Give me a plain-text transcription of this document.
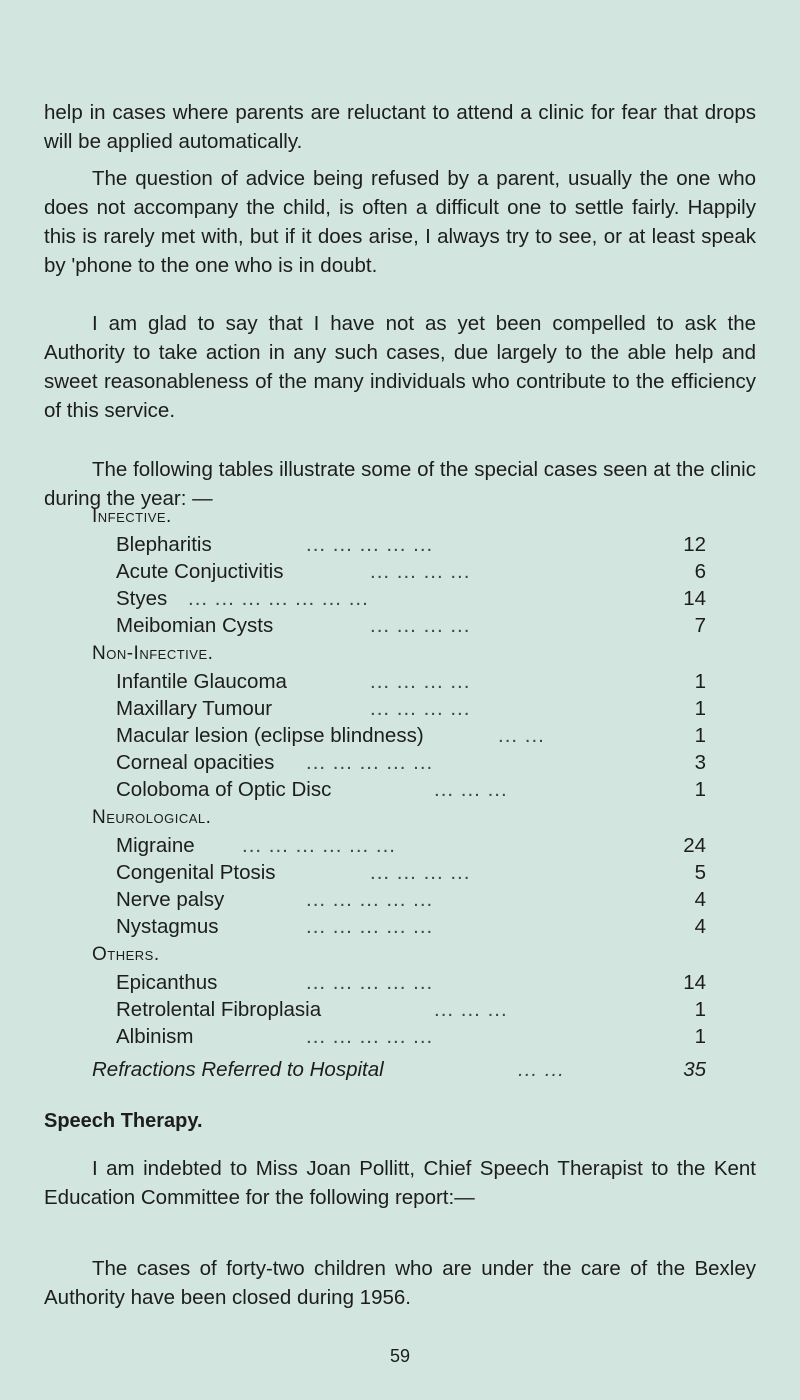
help in cases where parents are reluctant to attend a clinic for fear that drops will be applied automatically.

The question of advice being refused by a parent, usually the one who does not accompany the child, is often a difficult one to settle fairly. Happily this is rarely met with, but if it does arise, I always try to see, or at least speak by 'phone to the one who is in doubt.

I am glad to say that I have not as yet been compelled to ask the Authority to take action in any such cases, due largely to the able help and sweet reasonableness of the many individuals who contribute to the efficiency of this service.

The following tables illustrate some of the special cases seen at the clinic during the year: —

Infective.
Blepharitis	... ... ... ... ...	12
Acute Conjuctivitis	... ... ... ...	6
Styes ... ... ... ... ... ... ...	14
Meibomian Cysts	... ... ... ...	7
Non-Infective.
Infantile Glaucoma	... ... ... ...	1
Maxillary Tumour	... ... ... ...	1
Macular lesion (eclipse blindness)	... ...	1
Corneal opacities ... ... ... ... ...	3
Coloboma of Optic Disc	... ... ...	1
Neurological.
Migraine ... ... ... ... ... ...	24
Congenital Ptosis	... ... ... ...	5
Nerve palsy	... ... ... ... ...	4
Nystagmus	... ... ... ... ...	4
Others.
Epicanthus	... ... ... ... ...	14
Retrolental Fibroplasia	... ... ...	1
Albinism	... ... ... ... ...	1
Refractions Referred to Hospital	... ...	35
Speech Therapy.

I am indebted to Miss Joan Pollitt, Chief Speech Therapist to the Kent Education Committee for the following report:—

The cases of forty-two children who are under the care of the Bexley Authority have been closed during 1956.

59
